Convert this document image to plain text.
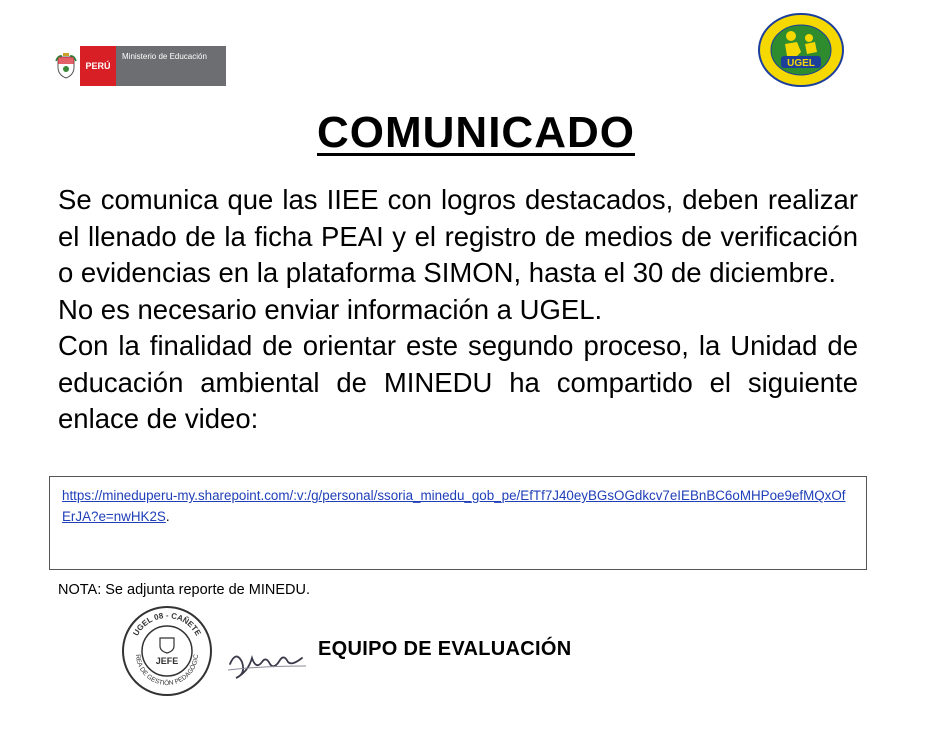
PERÚ
Ministerio de Educación
UGEL
COMUNICADO

Se comunica que las IIEE con logros destacados, deben realizar el llenado de la ficha PEAI y el registro de medios de verificación o evidencias en la plataforma SIMON, hasta el 30 de diciembre.

No es necesario enviar información a UGEL.

Con la finalidad de orientar este segundo proceso, la Unidad de educación ambiental de MINEDU ha compartido el siguiente enlace de video:

https://mineduperu-my.sharepoint.com/:v:/g/personal/ssoria_minedu_gob_pe/EfTf7J40eyBGsOGdkcv7eIEBnBC6oMHPoe9efMQxOfErJA?e=nwHK2S.
NOTA: Se adjunta reporte de MINEDU.
UGEL 08 - CAÑETE
REA DE GESTIÓN PEDAGÓGIC
JEFE
EQUIPO DE EVALUACIÓN
